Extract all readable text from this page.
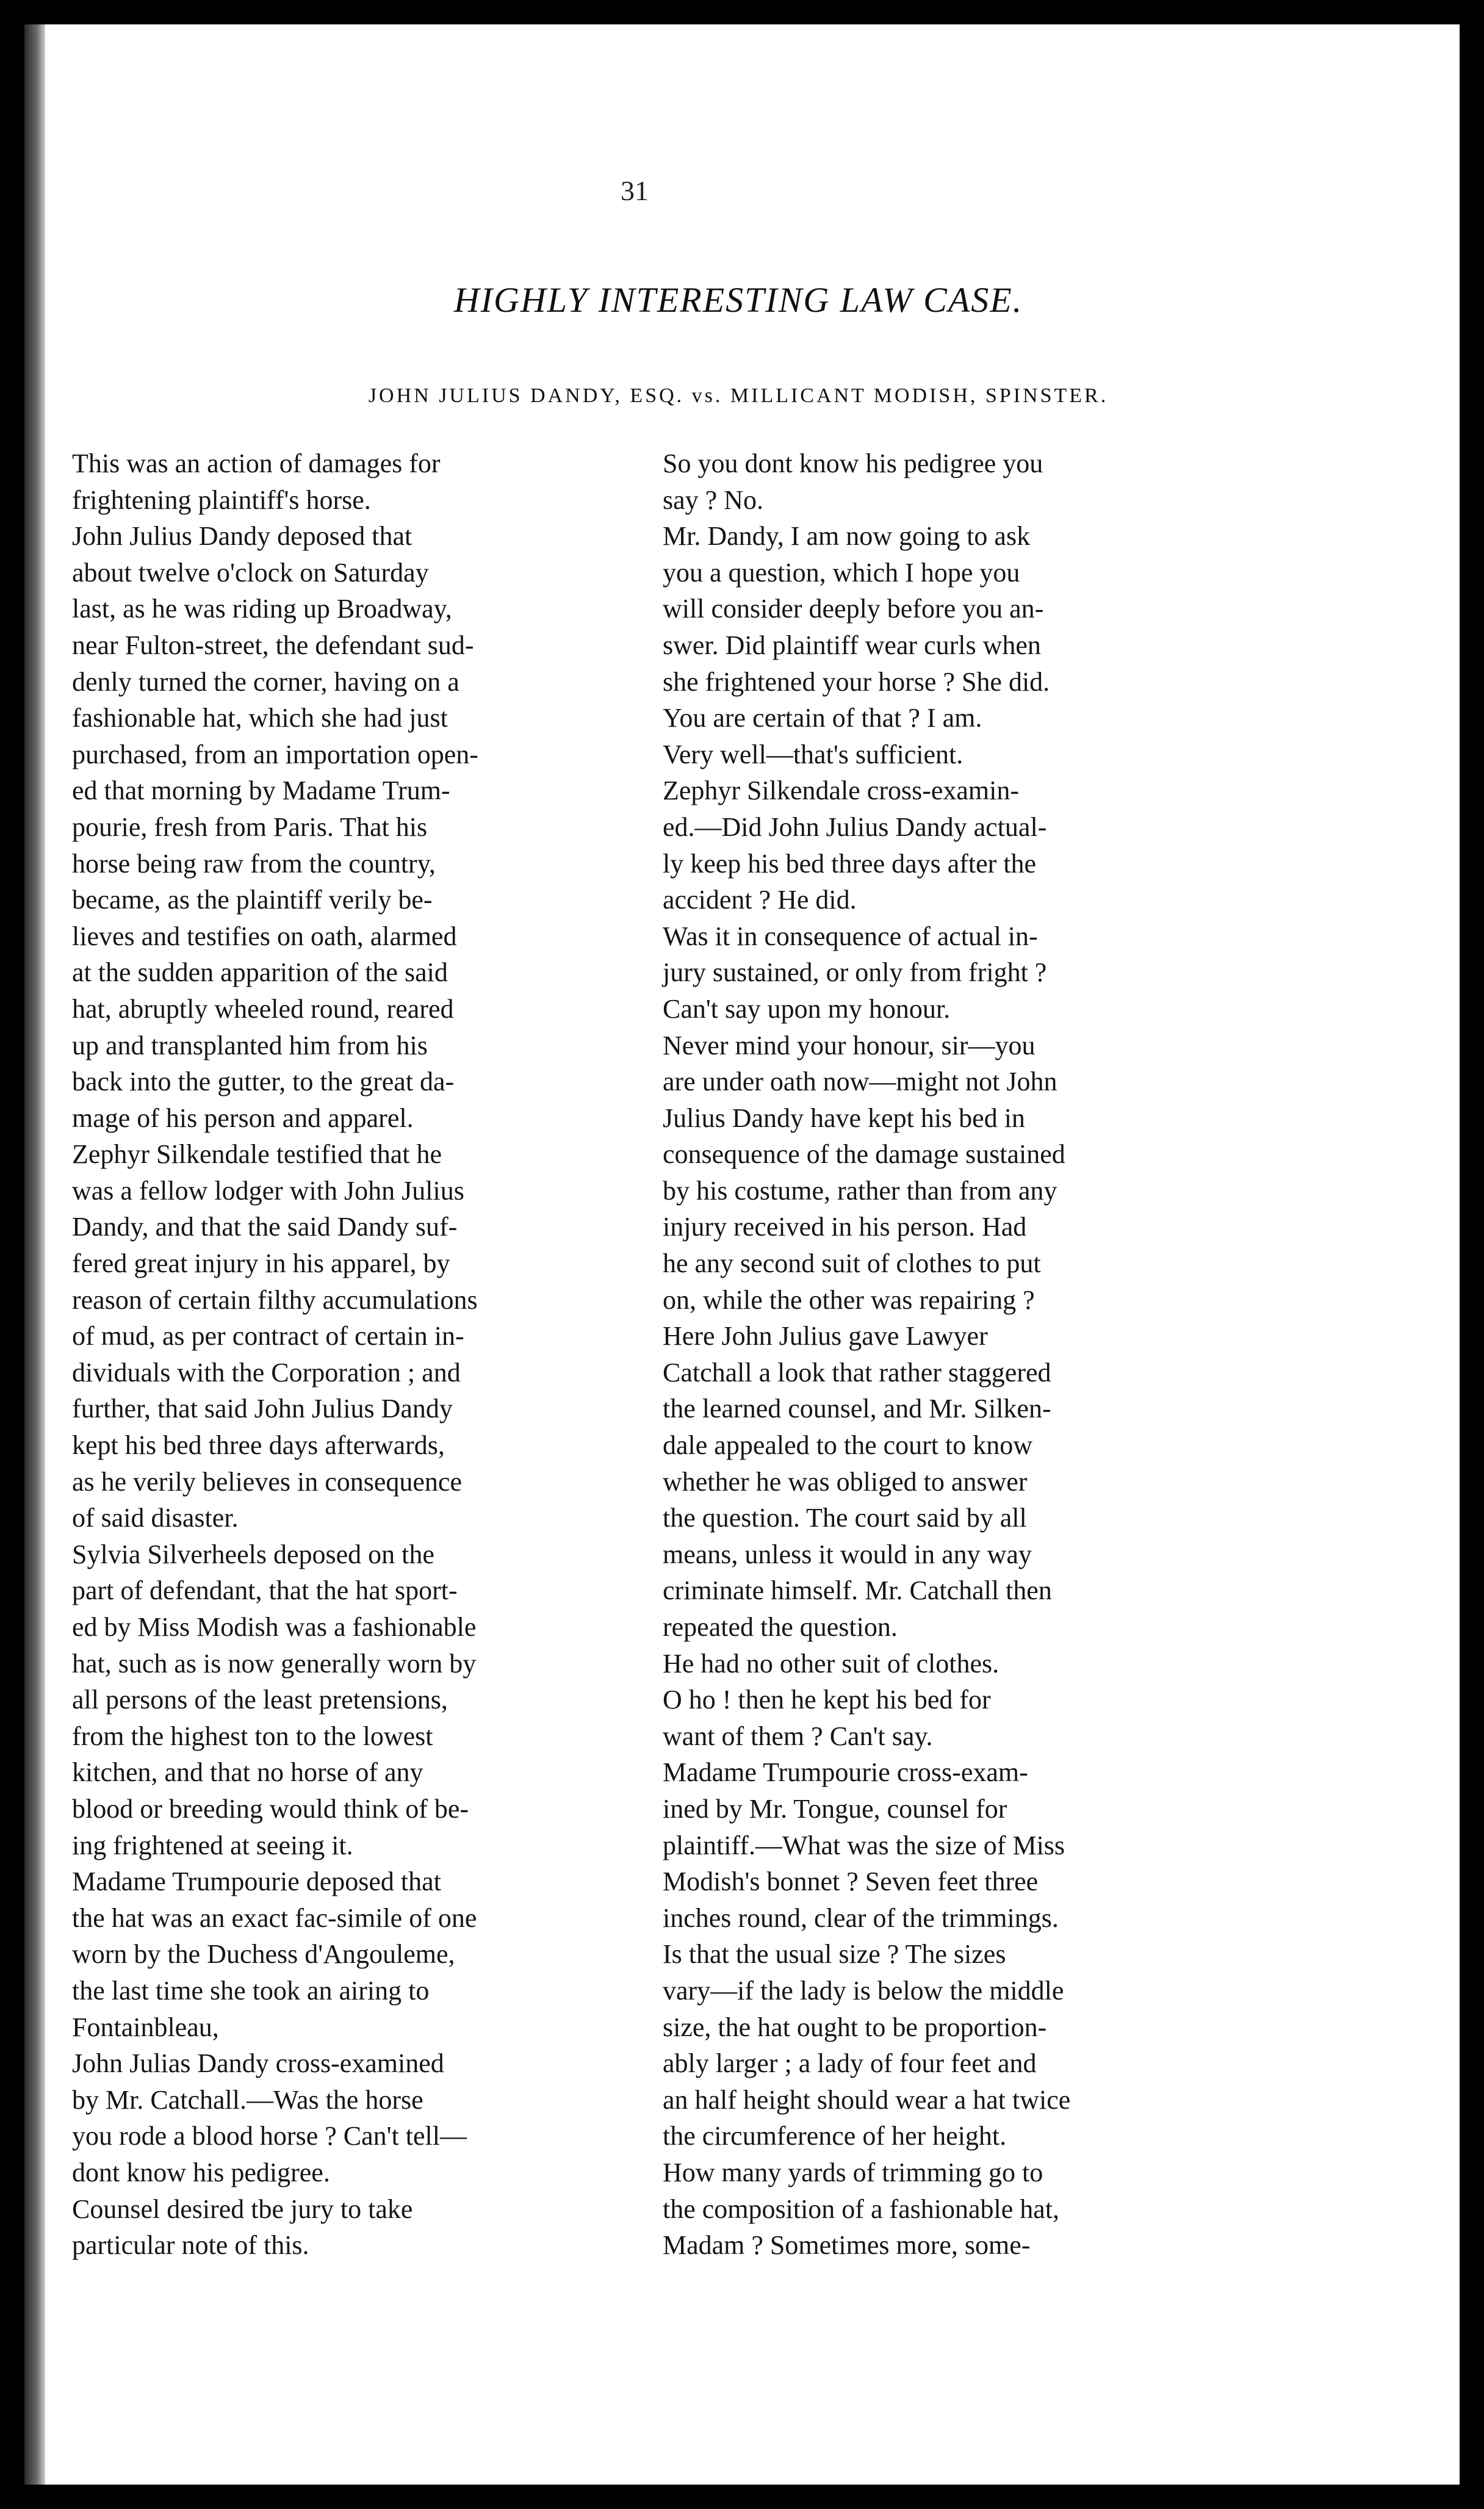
31
HIGHLY INTERESTING LAW CASE.
JOHN JULIUS DANDY, ESQ. vs. MILLICANT MODISH, SPINSTER.
This was an action of damages for
frightening plaintiff's horse.
John Julius Dandy deposed that
about twelve o'clock on Saturday
last, as he was riding up Broadway,
near Fulton-street, the defendant sud-
denly turned the corner, having on a
fashionable hat, which she had just
purchased, from an importation open-
ed that morning by Madame Trum-
pourie, fresh from Paris. That his
horse being raw from the country,
became, as the plaintiff verily be-
lieves and testifies on oath, alarmed
at the sudden apparition of the said
hat, abruptly wheeled round, reared
up and transplanted him from his
back into the gutter, to the great da-
mage of his person and apparel.
Zephyr Silkendale testified that he
was a fellow lodger with John Julius
Dandy, and that the said Dandy suf-
fered great injury in his apparel, by
reason of certain filthy accumulations
of mud, as per contract of certain in-
dividuals with the Corporation ; and
further, that said John Julius Dandy
kept his bed three days afterwards,
as he verily believes in consequence
of said disaster.
Sylvia Silverheels deposed on the
part of defendant, that the hat sport-
ed by Miss Modish was a fashionable
hat, such as is now generally worn by
all persons of the least pretensions,
from the highest ton to the lowest
kitchen, and that no horse of any
blood or breeding would think of be-
ing frightened at seeing it.
Madame Trumpourie deposed that
the hat was an exact fac-simile of one
worn by the Duchess d'Angouleme,
the last time she took an airing to
Fontainbleau,
John Julias Dandy cross-examined
by Mr. Catchall.—Was the horse
you rode a blood horse ? Can't tell—
dont know his pedigree.
Counsel desired tbe jury to take
particular note of this.
So you dont know his pedigree you
say ? No.
Mr. Dandy, I am now going to ask
you a question, which I hope you
will consider deeply before you an-
swer. Did plaintiff wear curls when
she frightened your horse ? She did.
You are certain of that ? I am.
Very well—that's sufficient.
Zephyr Silkendale cross-examin-
ed.—Did John Julius Dandy actual-
ly keep his bed three days after the
accident ? He did.
Was it in consequence of actual in-
jury sustained, or only from fright ?
Can't say upon my honour.
Never mind your honour, sir—you
are under oath now—might not John
Julius Dandy have kept his bed in
consequence of the damage sustained
by his costume, rather than from any
injury received in his person. Had
he any second suit of clothes to put
on, while the other was repairing ?
Here John Julius gave Lawyer
Catchall a look that rather staggered
the learned counsel, and Mr. Silken-
dale appealed to the court to know
whether he was obliged to answer
the question. The court said by all
means, unless it would in any way
criminate himself. Mr. Catchall then
repeated the question.
He had no other suit of clothes.
O ho ! then he kept his bed for
want of them ? Can't say.
Madame Trumpourie cross-exam-
ined by Mr. Tongue, counsel for
plaintiff.—What was the size of Miss
Modish's bonnet ? Seven feet three
inches round, clear of the trimmings.
Is that the usual size ? The sizes
vary—if the lady is below the middle
size, the hat ought to be proportion-
ably larger ; a lady of four feet and
an half height should wear a hat twice
the circumference of her height.
How many yards of trimming go to
the composition of a fashionable hat,
Madam ? Sometimes more, some-
